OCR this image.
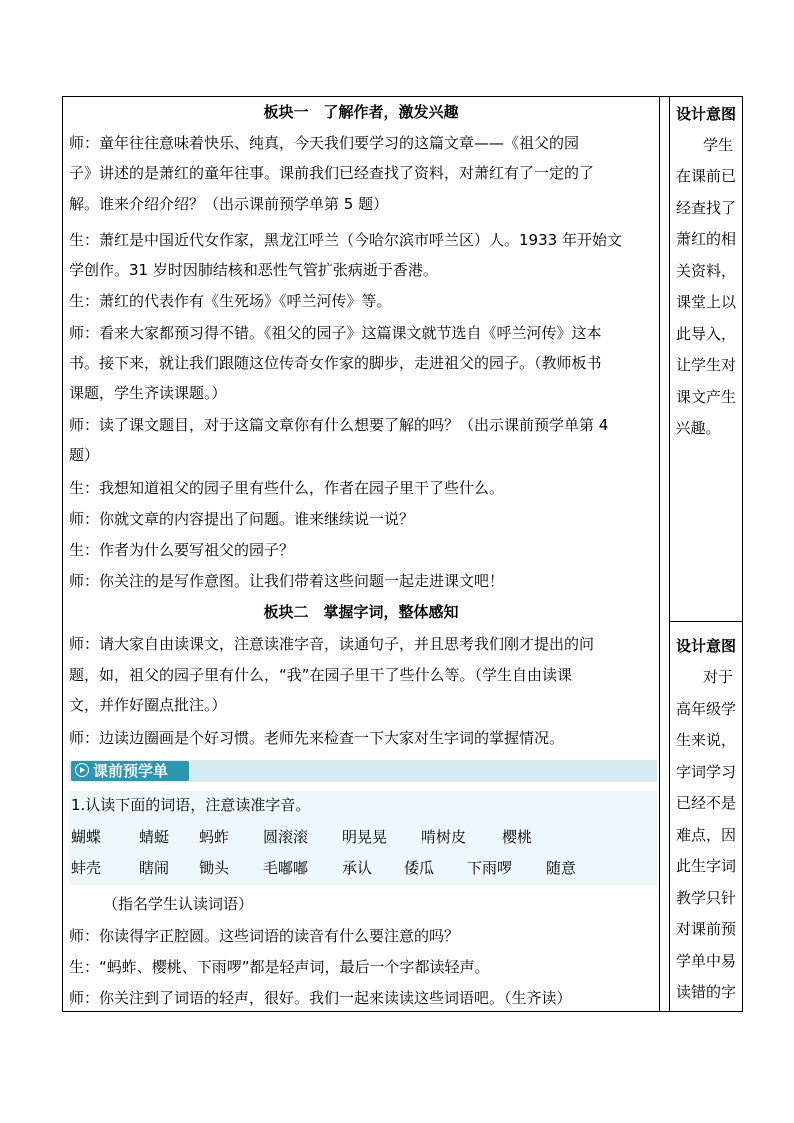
板块一　了解作者，激发兴趣
师：童年往往意味着快乐、纯真，今天我们要学习的这篇文章——《祖父的园
子》讲述的是萧红的童年往事。课前我们已经查找了资料，对萧红有了一定的了
解。谁来介绍介绍？（出示课前预学单第 5 题）
生：萧红是中国近代女作家，黑龙江呼兰（今哈尔滨市呼兰区）人。1933 年开始文
学创作。31 岁时因肺结核和恶性气管扩张病逝于香港。
生：萧红的代表作有《生死场》《呼兰河传》等。
师：看来大家都预习得不错。《祖父的园子》这篇课文就节选自《呼兰河传》这本
书。接下来，就让我们跟随这位传奇女作家的脚步，走进祖父的园子。（教师板书
课题，学生齐读课题。）
师：读了课文题目，对于这篇文章你有什么想要了解的吗？（出示课前预学单第 4
题）
生：我想知道祖父的园子里有些什么，作者在园子里干了些什么。
师：你就文章的内容提出了问题。谁来继续说一说？
生：作者为什么要写祖父的园子？
师：你关注的是写作意图。让我们带着这些问题一起走进课文吧！
板块二　掌握字词，整体感知
师：请大家自由读课文，注意读准字音，读通句子，并且思考我们刚才提出的问
题，如，祖父的园子里有什么，“我”在园子里干了些什么等。（学生自由读课
文，并作好圈点批注。）
师：边读边圈画是个好习惯。老师先来检查一下大家对生字词的掌握情况。
课前预学单
1.认读下面的词语，注意读准字音。
蝴蝶	蜻蜓 蚂蚱 圆滚滚 明晃晃 啃树皮 樱桃
蚌壳	瞎闹 锄头 毛嘟嘟 承认 倭瓜 下雨啰 随意
（指名学生认读词语）
师：你读得字正腔圆。这些词语的读音有什么要注意的吗？
生：“蚂蚱、樱桃、下雨啰”都是轻声词，最后一个字都读轻声。
师：你关注到了词语的轻声，很好。我们一起来读读这些词语吧。（生齐读）
设计意图
学生
在课前已
经查找了
萧红的相
关资料，
课堂上以
此导入，
让学生对
课文产生
兴趣。
设计意图
对于
高年级学
生来说，
字词学习
已经不是
难点，因
此生字词
教学只针
对课前预
学单中易
读错的字
